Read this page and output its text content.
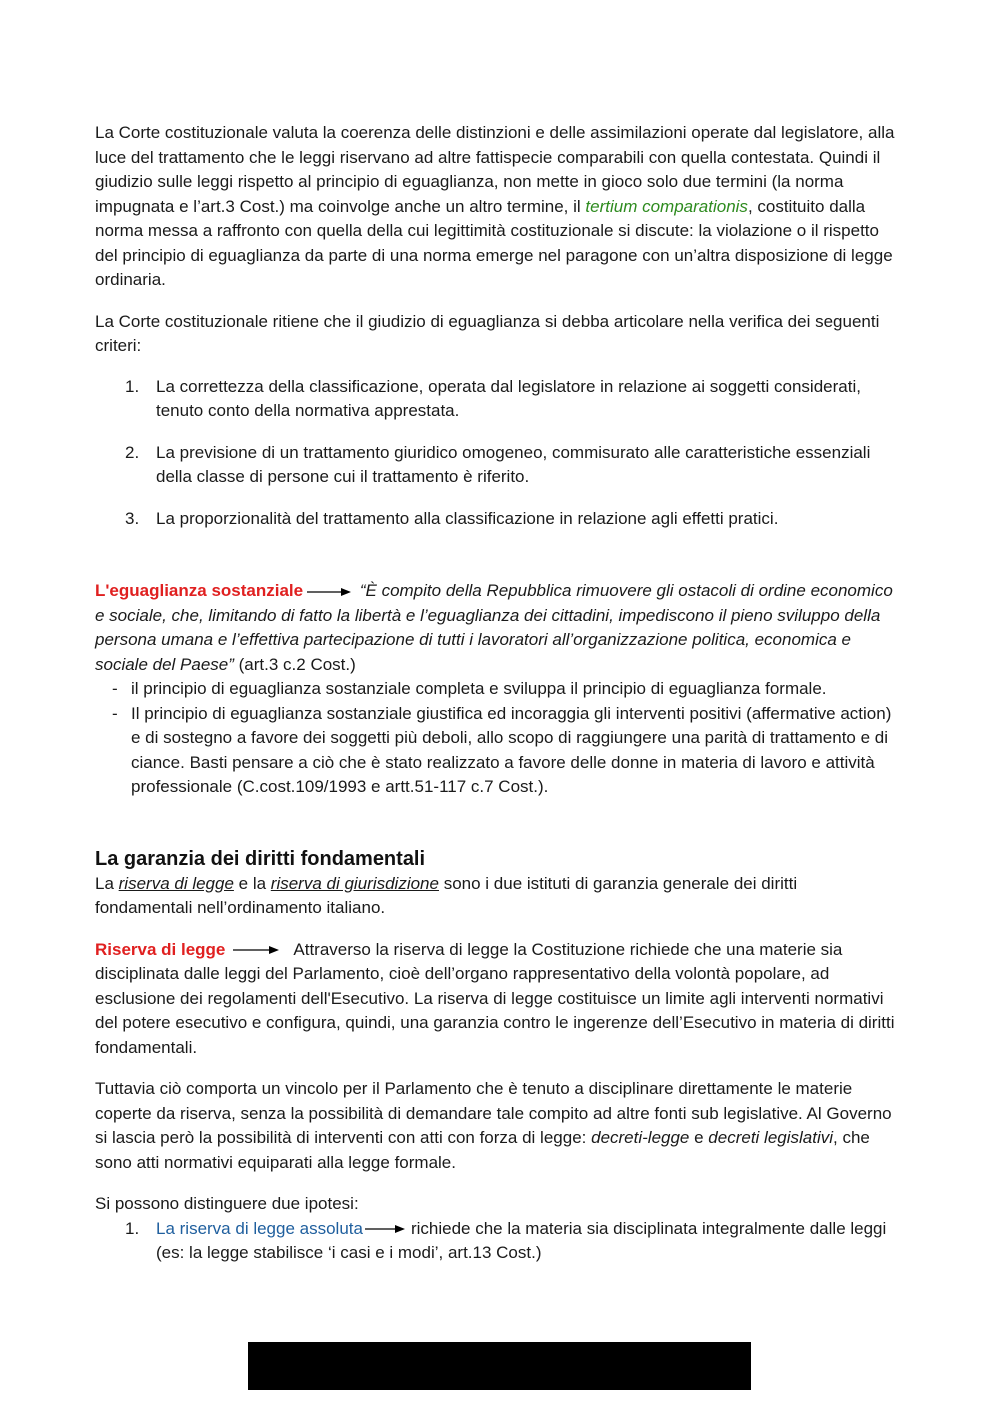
La Corte costituzionale valuta la coerenza delle distinzioni e delle assimilazioni operate dal legislatore, alla luce del trattamento che le leggi riservano ad altre fattispecie comparabili con quella contestata. Quindi il giudizio sulle leggi rispetto al principio di eguaglianza, non mette in gioco solo due termini (la norma impugnata e l’art.3 Cost.) ma coinvolge anche un altro termine, il tertium comparationis, costituito dalla norma messa a raffronto con quella della cui legittimità costituzionale si discute: la violazione o il rispetto del principio di eguaglianza da parte di una norma emerge nel paragone con un’altra disposizione di legge ordinaria.

La Corte costituzionale ritiene che il giudizio di eguaglianza si debba articolare nella verifica dei seguenti criteri:

1. La correttezza della classificazione, operata dal legislatore in relazione ai soggetti considerati, tenuto conto della normativa apprestata.
2. La previsione di un trattamento giuridico omogeneo, commisurato alle caratteristiche essenziali della classe di persone cui il trattamento è riferito.
3. La proporzionalità del trattamento alla classificazione in relazione agli effetti pratici.

L'eguaglianza sostanziale	“È compito della Repubblica rimuovere gli ostacoli di ordine economico e sociale, che, limitando di fatto la libertà e l’eguaglianza dei cittadini, impediscono il pieno sviluppo della persona umana e l’effettiva partecipazione di tutti i lavoratori all’organizzazione politica, economica e sociale del Paese” (art.3 c.2 Cost.)

- il principio di eguaglianza sostanziale completa e sviluppa il principio di eguaglianza formale.
- Il principio di eguaglianza sostanziale giustifica ed incoraggia gli interventi positivi (affermative action) e di sostegno a favore dei soggetti più deboli, allo scopo di raggiungere una parità di trattamento e di ciance. Basti pensare a ciò che è stato realizzato a favore delle donne in materia di lavoro e attività professionale (C.cost.109/1993 e artt.51-117 c.7 Cost.).
La garanzia dei diritti fondamentali

La riserva di legge e la riserva di giurisdizione sono i due istituti di garanzia generale dei diritti fondamentali nell’ordinamento italiano.

Riserva di legge	Attraverso la riserva di legge la Costituzione richiede che una materie sia disciplinata dalle leggi del Parlamento, cioè dell’organo rappresentativo della volontà popolare, ad esclusione dei regolamenti dell'Esecutivo. La riserva di legge costituisce un limite agli interventi normativi del potere esecutivo e configura, quindi, una garanzia contro le ingerenze dell’Esecutivo in materia di diritti fondamentali.

Tuttavia ciò comporta un vincolo per il Parlamento che è tenuto a disciplinare direttamente le materie coperte da riserva, senza la possibilità di demandare tale compito ad altre fonti sub legislative. Al Governo si lascia però la possibilità di interventi con atti con forza di legge: decreti-legge e decreti legislativi, che sono atti normativi equiparati alla legge formale.

Si possono distinguere due ipotesi:

1. La riserva di legge assoluta	richiede che la materia sia disciplinata integralmente dalle leggi (es: la legge stabilisce ‘i casi e i modi’, art.13 Cost.)
